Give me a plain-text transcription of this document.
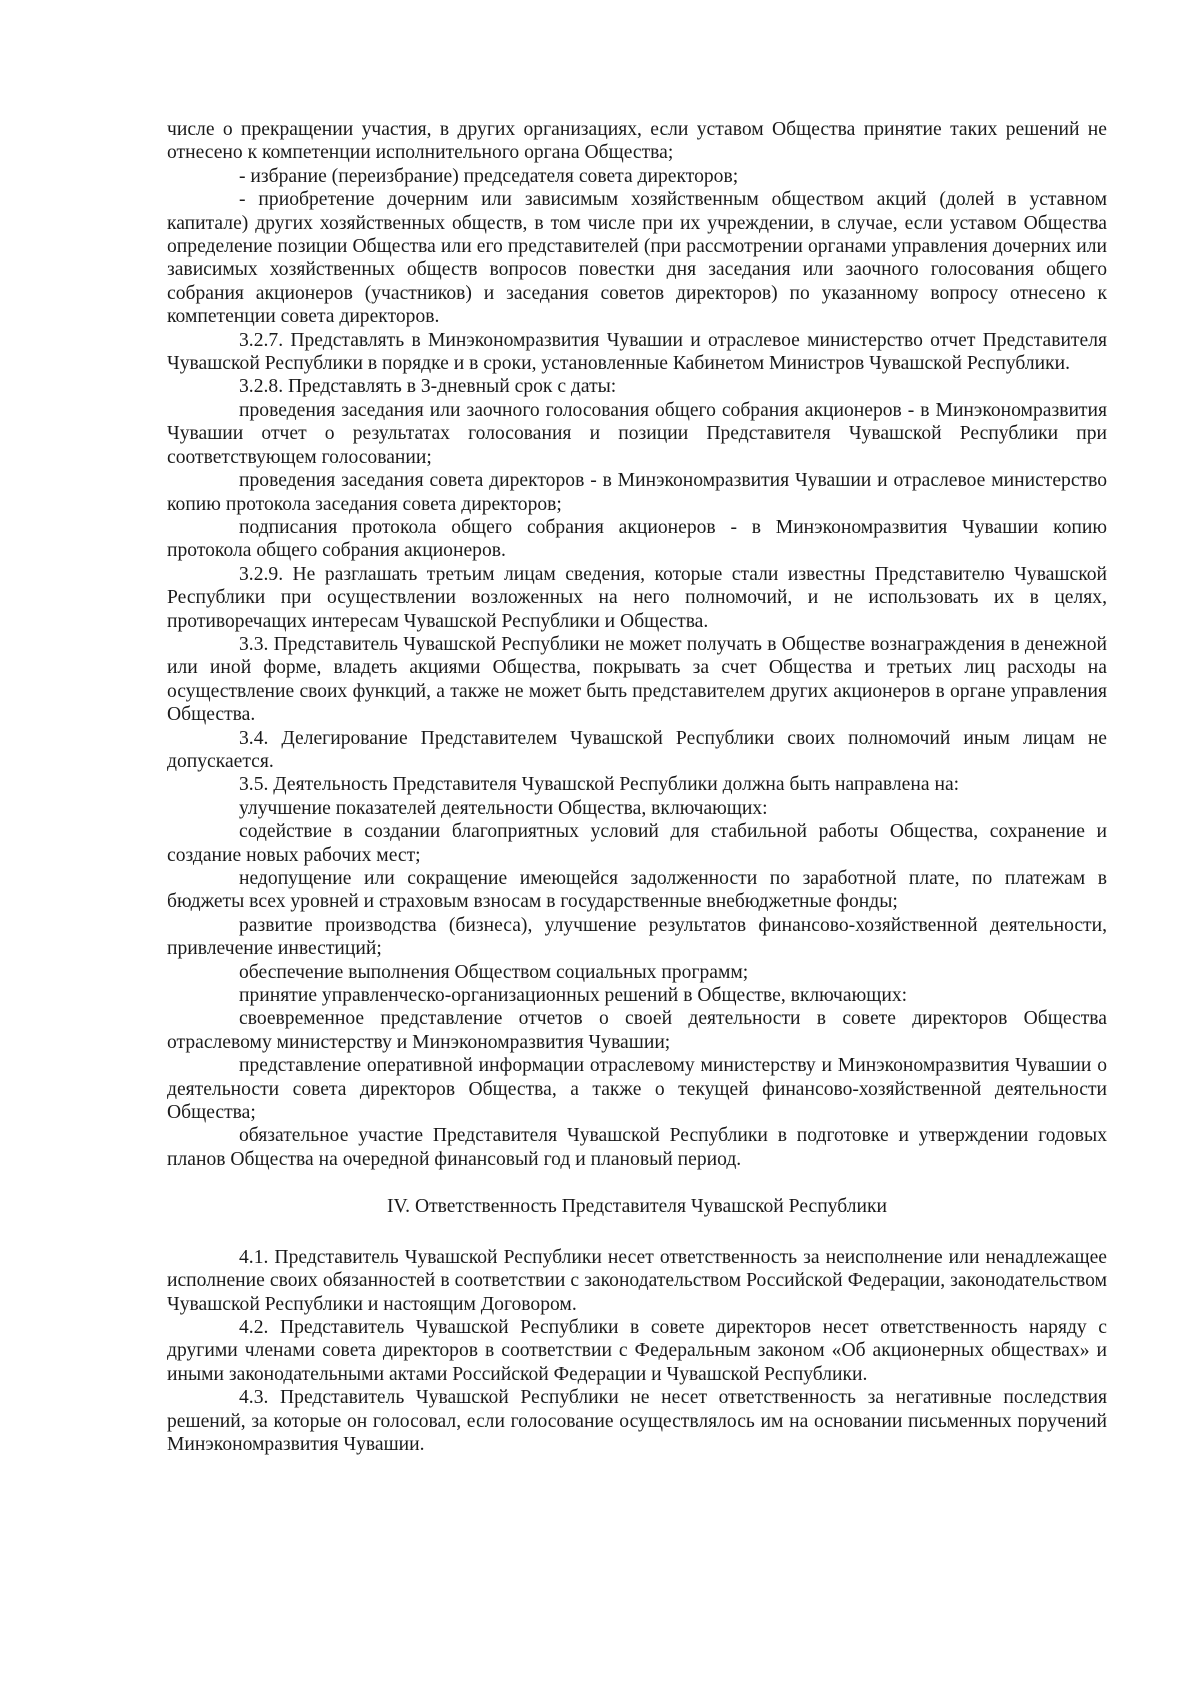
числе о прекращении участия, в других организациях, если уставом Общества принятие таких решений не отнесено к компетенции исполнительного органа Общества;

- избрание (переизбрание) председателя совета директоров;

- приобретение дочерним или зависимым хозяйственным обществом акций (долей в уставном капитале) других хозяйственных обществ, в том числе при их учреждении, в случае, если уставом Общества определение позиции Общества или его представителей (при рассмотрении органами управления дочерних или зависимых хозяйственных обществ вопросов повестки дня заседания или заочного голосования общего собрания акционеров (участников) и заседания советов директоров) по указанному вопросу отнесено к компетенции совета директоров.

3.2.7. Представлять в Минэкономразвития Чувашии и отраслевое министерство отчет Представителя Чувашской Республики в порядке и в сроки, установленные Кабинетом Министров Чувашской Республики.

3.2.8. Представлять в 3-дневный срок с даты:

проведения заседания или заочного голосования общего собрания акционеров - в Минэкономразвития Чувашии отчет о результатах голосования и позиции Представителя Чувашской Республики при соответствующем голосовании;

проведения заседания совета директоров - в Минэкономразвития Чувашии и отраслевое министерство копию протокола заседания совета директоров;

подписания протокола общего собрания акционеров - в Минэкономразвития Чувашии копию протокола общего собрания акционеров.

3.2.9. Не разглашать третьим лицам сведения, которые стали известны Представителю Чувашской Республики при осуществлении возложенных на него полномочий, и не использовать их в целях, противоречащих интересам Чувашской Республики и Общества.

3.3. Представитель Чувашской Республики не может получать в Обществе вознаграждения в денежной или иной форме, владеть акциями Общества, покрывать за счет Общества и третьих лиц расходы на осуществление своих функций, а также не может быть представителем других акционеров в органе управления Общества.

3.4. Делегирование Представителем Чувашской Республики своих полномочий иным лицам не допускается.

3.5. Деятельность Представителя Чувашской Республики должна быть направлена на:

улучшение показателей деятельности Общества, включающих:

содействие в создании благоприятных условий для стабильной работы Общества, сохранение и создание новых рабочих мест;

недопущение или сокращение имеющейся задолженности по заработной плате, по платежам в бюджеты всех уровней и страховым взносам в государственные внебюджетные фонды;

развитие производства (бизнеса), улучшение результатов финансово-хозяйственной деятельности, привлечение инвестиций;

обеспечение выполнения Обществом социальных программ;

принятие управленческо-организационных решений в Обществе, включающих:

своевременное представление отчетов о своей деятельности в совете директоров Общества отраслевому министерству и Минэкономразвития Чувашии;

представление оперативной информации отраслевому министерству и Минэкономразвития Чувашии о деятельности совета директоров Общества, а также о текущей финансово-хозяйственной деятельности Общества;

обязательное участие Представителя Чувашской Республики в подготовке и утверждении годовых планов Общества на очередной финансовый год и плановый период.

IV. Ответственность Представителя Чувашской Республики

4.1. Представитель Чувашской Республики несет ответственность за неисполнение или ненадлежащее исполнение своих обязанностей в соответствии с законодательством Российской Федерации, законодательством Чувашской Республики и настоящим Договором.

4.2. Представитель Чувашской Республики в совете директоров несет ответственность наряду с другими членами совета директоров в соответствии с Федеральным законом «Об акционерных обществах» и иными законодательными актами Российской Федерации и Чувашской Республики.

4.3. Представитель Чувашской Республики не несет ответственность за негативные последствия решений, за которые он голосовал, если голосование осуществлялось им на основании письменных поручений Минэкономразвития Чувашии.
